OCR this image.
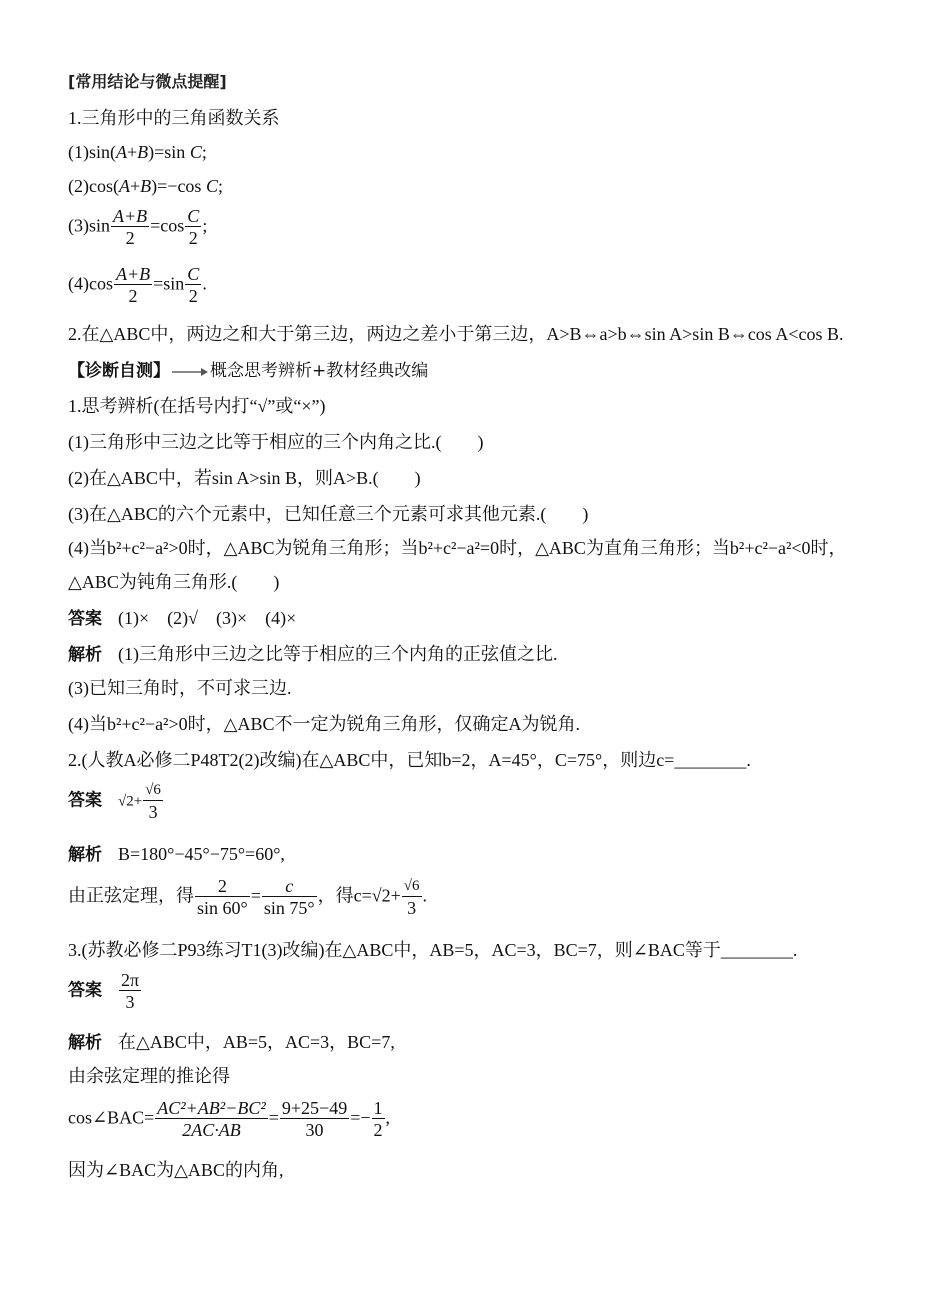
[常用结论与微点提醒]
1.三角形中的三角函数关系
(1)sin(A+B)=sin C;
(2)cos(A+B)=−cos C;
$(3)\sin \frac{A+B}{2} =\cos \frac{C}{2}$ ;
$(4)\cos \frac{A+B}{2} =\sin \frac{C}{2}$ .
2.在△ABC中，两边之和大于第三边，两边之差小于第三边，A>B⇔a>b⇔sin A>sin B⇔cos A<cos B.
【诊断自测】 概念思考辨析+教材经典改编
1.思考辨析(在括号内打“√”或“×”)
(1)三角形中三边之比等于相应的三个内角之比.(　　)
(2)在△ABC中，若sin A>sin B，则A>B.(　　)
(3)在△ABC的六个元素中，已知任意三个元素可求其他元素.(　　)
(4)当b²+c²−a²>0时，△ABC为锐角三角形；当b²+c²−a²=0时，△ABC为直角三角形；当b²+c²−a²<0时，
△ABC为钝角三角形.(　　)
答案 (1)×　(2)√　(3)×　(4)×
解析 (1)三角形中三边之比等于相应的三个内角的正弦值之比.
(3)已知三角时，不可求三边.
(4)当b²+c²−a²>0时，△ABC不一定为锐角三角形，仅确定A为锐角.
2.(人教A必修二P48T2(2)改编)在△ABC中，已知b=2，A=45°，C=75°，则边c=________.
答案 $√2+ \frac{√6}{3}$
解析 B=180°−45°−75°=60°,
由正弦定理，得 $\frac{2}{\sin 60^\circ} = \frac{c}{\sin 75^\circ}$ ，得$c=√2+ \frac{√6}{3}$ .
3.(苏教必修二P93练习T1(3)改编)在△ABC中，AB=5，AC=3，BC=7，则∠BAC等于________.
答案 $\frac{2\pi}{3}$
解析 在△ABC中，AB=5，AC=3，BC=7,
由余弦定理的推论得
cos∠BAC= $\frac{\text{AC²+AB²−BC²}}{2AC\cdot AB} = \frac{9+25-49}{30} =- \frac{1}{2}$ ,
因为∠BAC为△ABC的内角,
